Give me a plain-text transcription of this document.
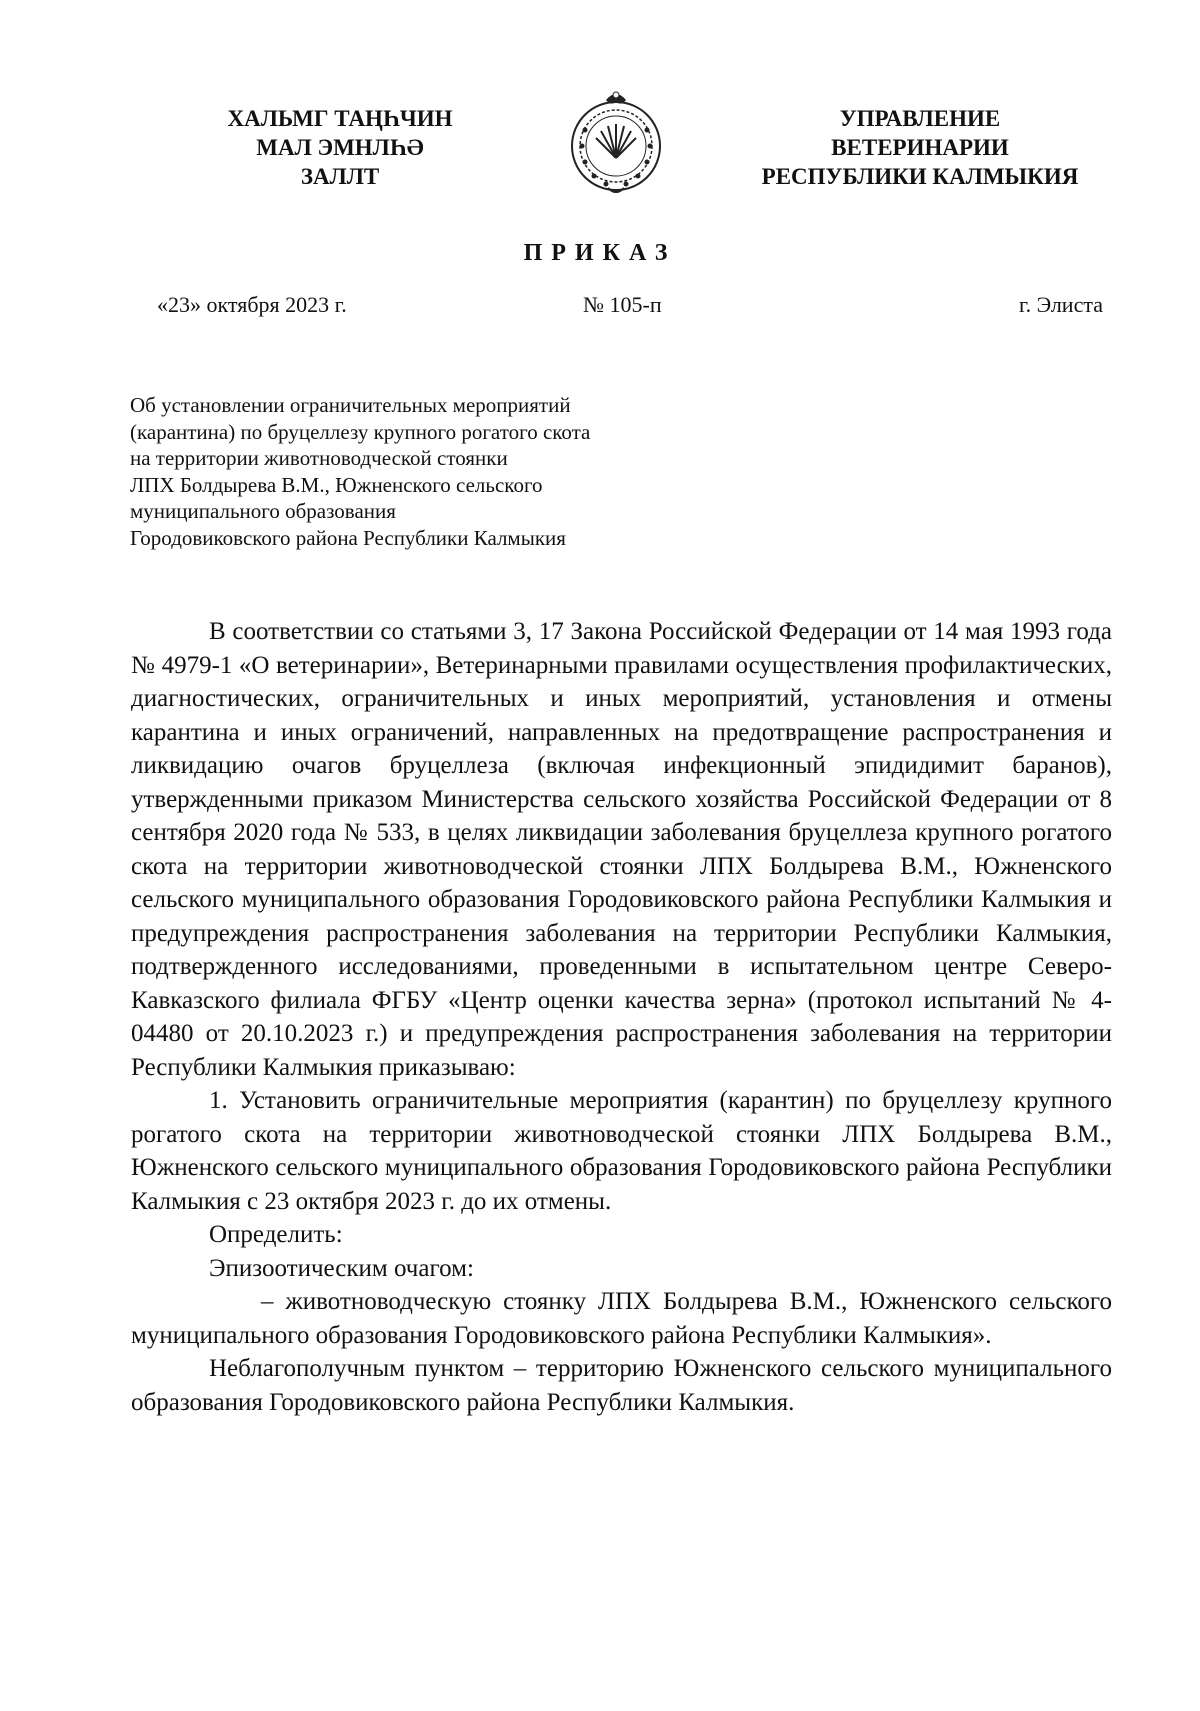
ХАЛЬМГ ТАҢҺЧИН
МАЛ ЭМНЛҺӘ
ЗАЛЛТ
УПРАВЛЕНИЕ
ВЕТЕРИНАРИИ
РЕСПУБЛИКИ КАЛМЫКИЯ
ПРИКАЗ
«23» октября 2023 г.	№ 105-п	г. Элиста
Об установлении ограничительных мероприятий
(карантина) по бруцеллезу крупного рогатого скота
на территории животноводческой стоянки
ЛПХ Болдырева В.М., Южненского сельского
муниципального образования
Городовиковского района Республики Калмыкия

В соответствии со статьями 3, 17 Закона Российской Федерации от 14 мая 1993 года № 4979-1 «О ветеринарии», Ветеринарными правилами осуществления профилактических, диагностических, ограничительных и иных мероприятий, установления и отмены карантина и иных ограничений, направленных на предотвращение распространения и ликвидацию очагов бруцеллеза (включая инфекционный эпидидимит баранов), утвержденными приказом Министерства сельского хозяйства Российской Федерации от 8 сентября 2020 года № 533, в целях ликвидации заболевания бруцеллеза крупного рогатого скота на территории животноводческой стоянки ЛПХ Болдырева В.М., Южненского сельского муниципального образования Городовиковского района Республики Калмыкия и предупреждения распространения заболевания на территории Республики Калмыкия, подтвержденного исследованиями, проведенными в испытательном центре Северо-Кавказского филиала ФГБУ «Центр оценки качества зерна» (протокол испытаний № 4-04480 от 20.10.2023 г.) и предупреждения распространения заболевания на территории Республики Калмыкия приказываю:

1. Установить ограничительные мероприятия (карантин) по бруцеллезу крупного рогатого скота на территории животноводческой стоянки ЛПХ Болдырева В.М., Южненского сельского муниципального образования Городовиковского района Республики Калмыкия с 23 октября 2023 г. до их отмены.

Определить:

Эпизоотическим очагом:

– животноводческую стоянку ЛПХ Болдырева В.М., Южненского сельского муниципального образования Городовиковского района Республики Калмыкия».

Неблагополучным пунктом – территорию Южненского сельского муниципального образования Городовиковского района Республики Калмыкия.
